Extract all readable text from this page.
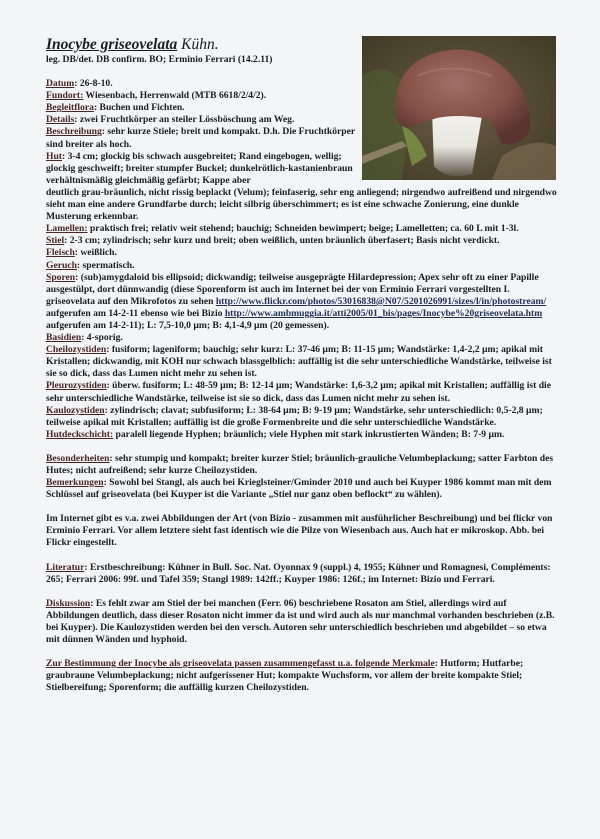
Inocybe griseovelata Kühn.
leg. DB/det. DB confirm. BO; Erminio Ferrari (14.2.11)

Datum: 26-8-10.

Fundort: Wiesenbach, Herrenwald (MTB 6618/2/4/2).

Begleitflora: Buchen und Fichten.

Details: zwei Fruchtkörper an steiler Lössböschung am Weg.

Beschreibung: sehr kurze Stiele; breit und kompakt. D.h. Die Fruchtkörper sind breiter als hoch.

Hut: 3-4 cm; glockig bis schwach ausgebreitet; Rand eingebogen, wellig; glockig geschweift; breiter stumpfer Buckel; dunkelrötlich-kastanienbraun verhältnismäßig gleichmäßig gefärbt; Kappe aber

deutlich grau-bräunlich, nicht rissig beplackt (Velum); feinfaserig, sehr eng anliegend; nirgendwo aufreißend und nirgendwo sieht man eine andere Grundfarbe durch; leicht silbrig überschimmert; es ist eine schwache Zonierung, eine dunkle Musterung erkennbar.

Lamellen: praktisch frei; relativ weit stehend; bauchig; Schneiden bewimpert; beige; Lamelletten; ca. 60 L mit 1-3l.

Stiel: 2-3 cm; zylindrisch; sehr kurz und breit; oben weißlich, unten bräunlich überfasert; Basis nicht verdickt.

Fleisch: weißlich.

Geruch: spermatisch.

Sporen: (sub)amygdaloid bis ellipsoid; dickwandig; teilweise ausgeprägte Hilardepression; Apex sehr oft zu einer Papille ausgestülpt, dort dünnwandig (diese Sporenform ist auch im Internet bei der von Erminio Ferrari vorgestellten I. griseovelata auf den Mikrofotos zu sehen http://www.flickr.com/photos/53016838@N07/5201026991/sizes/l/in/photostream/ aufgerufen am 14-2-11 ebenso wie bei Bizio http://www.ambmuggia.it/atti2005/01_bis/pages/Inocybe%20griseovelata.htm aufgerufen am 14-2-11); L: 7,5-10,0 µm; B: 4,1-4,9 µm (20 gemessen).

Basidien: 4-sporig.

Cheilozystiden: fusiform; lageniform; bauchig; sehr kurz: L: 37-46 µm; B: 11-15 µm; Wandstärke: 1,4-2,2 µm; apikal mit Kristallen; dickwandig, mit KOH nur schwach blassgelblich: auffällig ist die sehr unterschiedliche Wandstärke, teilweise ist sie so dick, dass das Lumen nicht mehr zu sehen ist.

Pleurozystiden: überw. fusiform; L: 48-59 µm; B: 12-14 µm; Wandstärke: 1,6-3,2 µm; apikal mit Kristallen; auffällig ist die sehr unterschiedliche Wandstärke, teilweise ist sie so dick, dass das Lumen nicht mehr zu sehen ist.

Kaulozystiden: zylindrisch; clavat; subfusiform; L: 38-64 µm; B: 9-19 µm; Wandstärke, sehr unterschiedlich: 0,5-2,8 µm; teilweise apikal mit Kristallen; auffällig ist die große Formenbreite und die sehr unterschiedliche Wandstärke.

Hutdeckschicht: paralell liegende Hyphen; bräunlich; viele Hyphen mit stark inkrustierten Wänden; B: 7-9 µm.

Besonderheiten: sehr stumpig und kompakt; breiter kurzer Stiel; bräunlich-grauliche Velumbeplackung; satter Farbton des Hutes; nicht aufreißend; sehr kurze Cheilozystiden.

Bemerkungen: Sowohl bei Stangl, als auch bei Krieglsteiner/Gminder 2010 und auch bei Kuyper 1986 kommt man mit dem Schlüssel auf griseovelata (bei Kuyper ist die Variante „Stiel nur ganz oben beflockt“ zu wählen).

Im Internet gibt es v.a. zwei Abbildungen der Art (von Bizio - zusammen mit ausführlicher Beschreibung) und bei flickr von Erminio Ferrari. Vor allem letztere sieht fast identisch wie die Pilze von Wiesenbach aus. Auch hat er mikroskop. Abb. bei Flickr eingestellt.

Literatur: Erstbeschreibung: Kühner in Bull. Soc. Nat. Oyonnax 9 (suppl.) 4, 1955; Kühner und Romagnesi, Compléments: 265; Ferrari 2006: 99f. und Tafel 359; Stangl 1989: 142ff.; Kuyper 1986: 126f.; im Internet: Bizio und Ferrari.

Diskussion: Es fehlt zwar am Stiel der bei manchen (Ferr. 06) beschriebene Rosaton am Stiel, allerdings wird auf Abbildungen deutlich, dass dieser Rosaton nicht immer da ist und wird auch als nur manchmal vorhanden beschrieben (z.B. bei Kuyper). Die Kaulozystiden werden bei den versch. Autoren sehr unterschiedlich beschrieben und abgebildet – so etwa mit dünnen Wänden und hyphoid.

Zur Bestimmung der Inocybe als griseovelata passen zusammengefasst u.a. folgende Merkmale: Hutform; Hutfarbe; graubraune Velumbeplackung; nicht aufgerissener Hut; kompakte Wuchsform, vor allem der breite kompakte Stiel; Stielbereifung; Sporenform; die auffällig kurzen Cheilozystiden.
